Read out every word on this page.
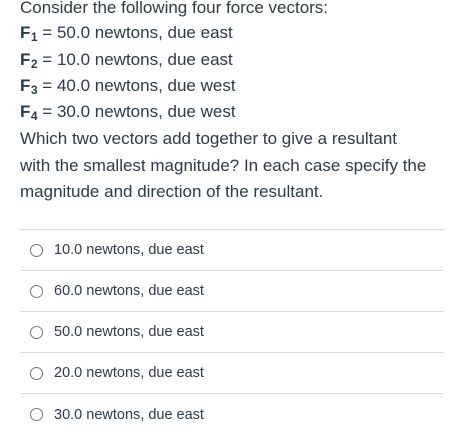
Consider the following four force vectors:
F 1 = 50.0 newtons, due east
F 2 = 10.0 newtons, due east
F 3 = 40.0 newtons, due west
F 4 = 30.0 newtons, due west
Which two vectors add together to give a resultant
with the smallest magnitude? In each case specify the
magnitude and direction of the resultant.
10.0 newtons, due east
60.0 newtons, due east
50.0 newtons, due east
20.0 newtons, due east
30.0 newtons, due east
